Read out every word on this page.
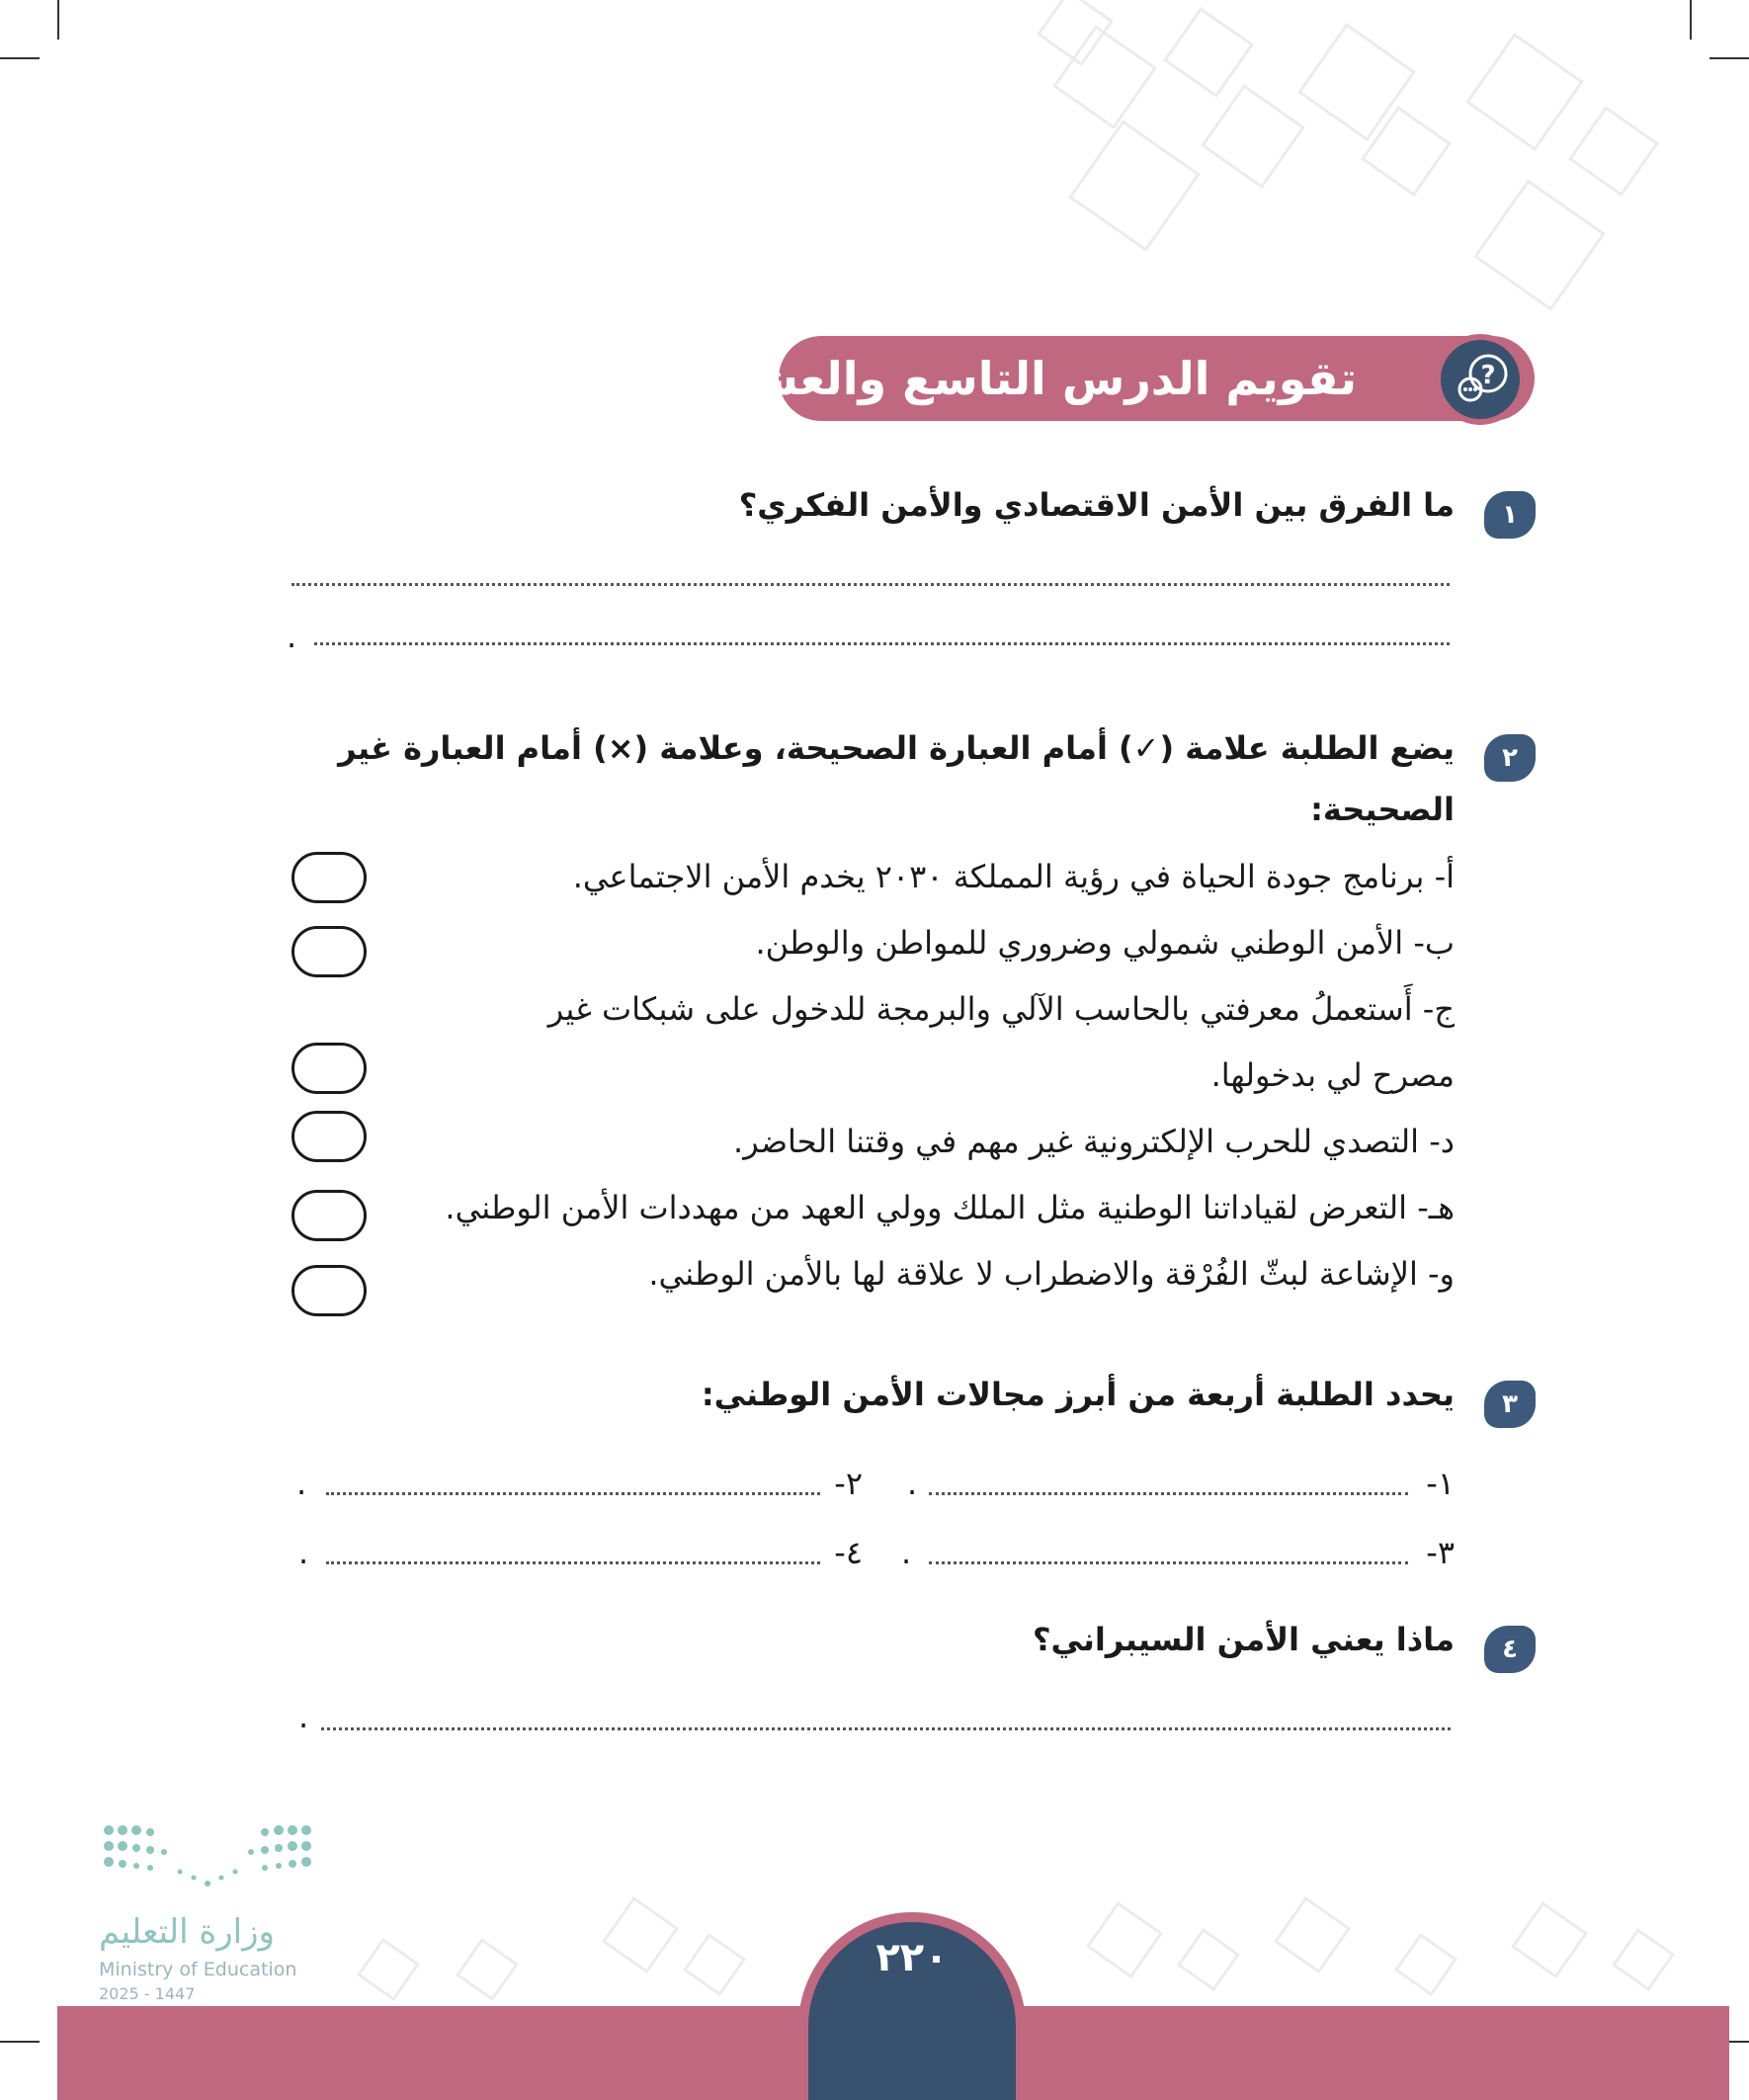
تقويم الدرس التاسع والعشرين	?
١
ما الفرق بين الأمن الاقتصادي والأمن الفكري؟
.
٢
يضع الطلبة علامة (✓) أمام العبارة الصحيحة، وعلامة (×) أمام العبارة غير
الصحيحة:
أ- برنامج جودة الحياة في رؤية المملكة ٢٠٣٠ يخدم الأمن الاجتماعي.
ب- الأمن الوطني شمولي وضروري للمواطن والوطن.
ج- أَستعملُ معرفتي بالحاسب الآلي والبرمجة للدخول على شبكات غير
مصرح لي بدخولها.
د- التصدي للحرب الإلكترونية غير مهم في وقتنا الحاضر.
هـ- التعرض لقياداتنا الوطنية مثل الملك وولي العهد من مهددات الأمن الوطني.
و- الإشاعة لبثّ الفُرْقة والاضطراب لا علاقة لها بالأمن الوطني.
٣
يحدد الطلبة أربعة من أبرز مجالات الأمن الوطني:
١-
.
٢-
.
٣-
.
٤-
.
٤
ماذا يعني الأمن السيبراني؟
.
وزارة التعليم
Ministry of Education
2025 - 1447
٢٢٠
